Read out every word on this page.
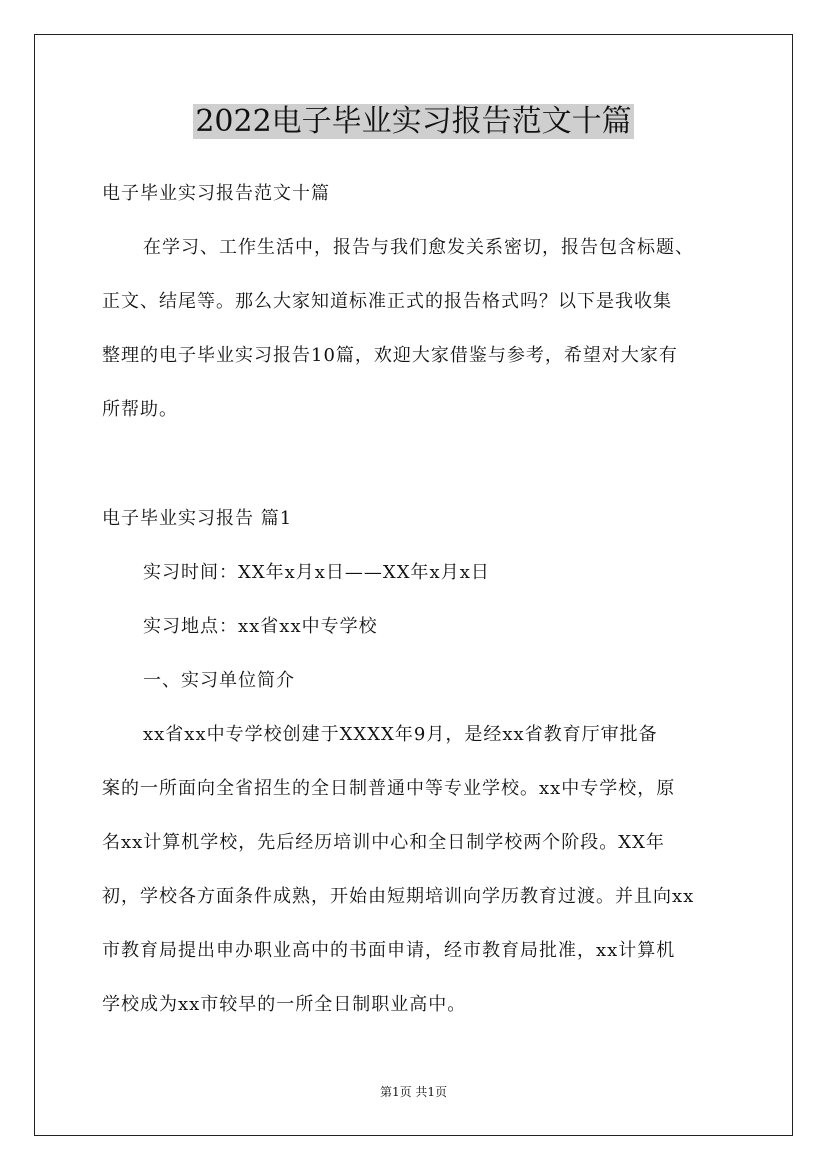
2022电子毕业实习报告范文十篇
电子毕业实习报告范文十篇
在学习、工作生活中，报告与我们愈发关系密切，报告包含标题、
正文、结尾等。那么大家知道标准正式的报告格式吗？以下是我收集
整理的电子毕业实习报告10篇，欢迎大家借鉴与参考，希望对大家有
所帮助。
电子毕业实习报告 篇1
实习时间：XX年x月x日——XX年x月x日
实习地点：xx省xx中专学校
一、实习单位简介
xx省xx中专学校创建于XXXX年9月，是经xx省教育厅审批备
案的一所面向全省招生的全日制普通中等专业学校。xx中专学校，原
名xx计算机学校，先后经历培训中心和全日制学校两个阶段。XX年
初，学校各方面条件成熟，开始由短期培训向学历教育过渡。并且向xx
市教育局提出申办职业高中的书面申请，经市教育局批准，xx计算机
学校成为xx市较早的一所全日制职业高中。
第1页 共1页
